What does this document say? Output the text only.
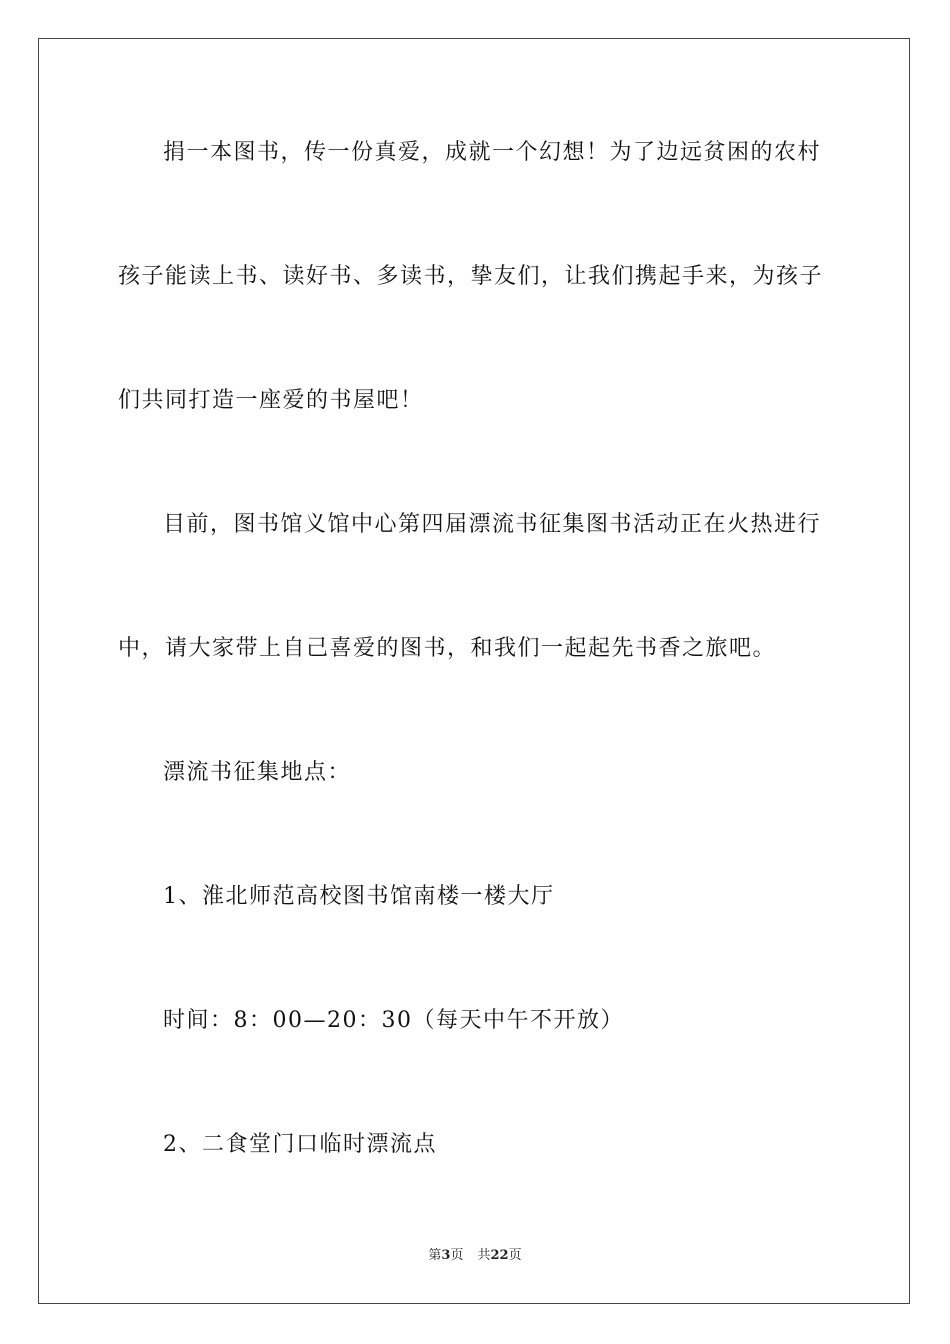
捐一本图书，传一份真爱，成就一个幻想！为了边远贫困的农村
孩子能读上书、读好书、多读书，挚友们，让我们携起手来，为孩子
们共同打造一座爱的书屋吧！
目前，图书馆义馆中心第四届漂流书征集图书活动正在火热进行
中，请大家带上自己喜爱的图书，和我们一起起先书香之旅吧。
漂流书征集地点：
1、淮北师范高校图书馆南楼一楼大厅
时间：8：00—20：30（每天中午不开放）
2、二食堂门口临时漂流点
第3页 共22页
